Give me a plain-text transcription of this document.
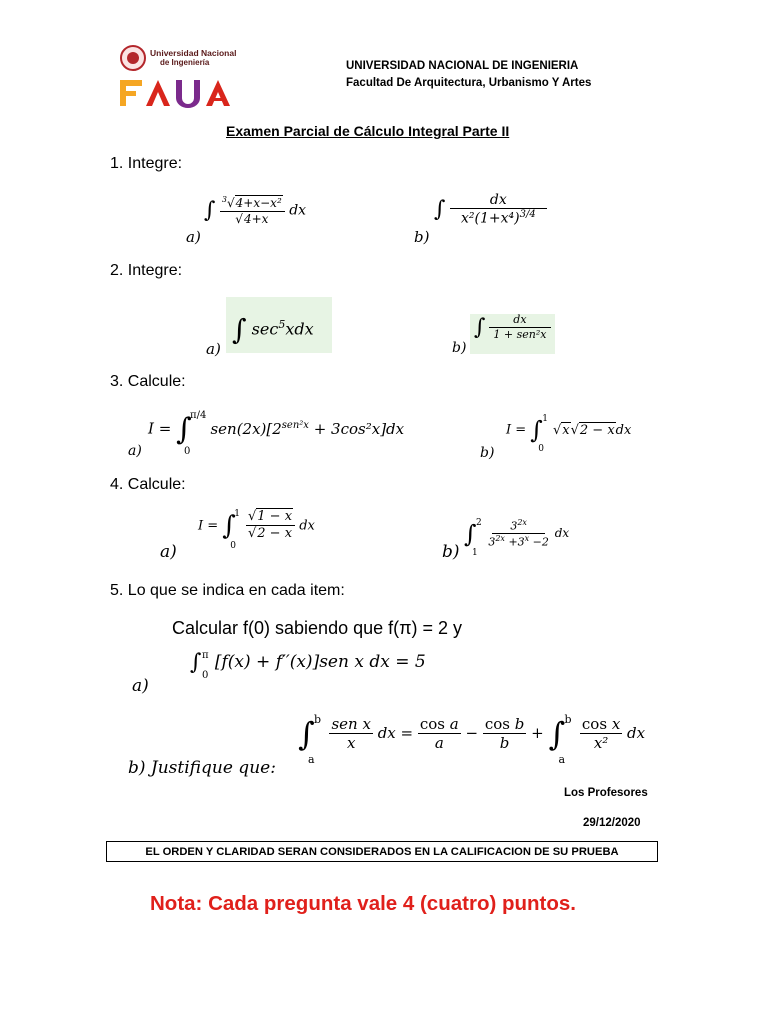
Universidad Nacional
de Ingeniería	UNIVERSIDAD NACIONAL DE INGENIERIA
Facultad De Arquitectura, Urbanismo Y Artes
Examen Parcial de Cálculo Integral Parte II
1. Integre:
a)
∫ $\frac{^3√4+x-x^2}{√4+x}$ dx
b)
∫ $\frac{dx}{x^2(1+x^4)^{3/4}}$
2. Integre:
a)
∫ $\sec^5xdx$
b)
∫ $\frac{dx}{\text{1 + sen²x}}$
3. Calcule:
a)
I = ∫
π/4
0
$sen(2x)[2^{sen^2x} + 3\cos^2x]dx$
b)
I = ∫ 1
0
√x√2 − xdx
4. Calcule:
a)
I = ∫
1
0

$\frac{√1 - x}{√2 - x}$ dx
b)
∫ 2
1

$\frac{3^{2x}}{3^{2x} +3^x -2}$ dx
5. Lo que se indica en cada item:
Calcular f(0) sabiendo que f(π) = 2 y
a)
∫ π
0
[f(x) + f′′(x)]sen x dx = 5
b) Justifique que:
∫ b
a

$\frac{\text{sen x}}{x}$ dx = $\frac{\text{cos a}}{a} - \frac{\text{cos b}}{b}$ + ∫ b
a

$\frac{\text{cos x}}{\text{x²}}$ dx
Los Profesores
29/12/2020
EL ORDEN Y CLARIDAD SERAN CONSIDERADOS EN LA CALIFICACION DE SU PRUEBA
Nota: Cada pregunta vale 4 (cuatro) puntos.
